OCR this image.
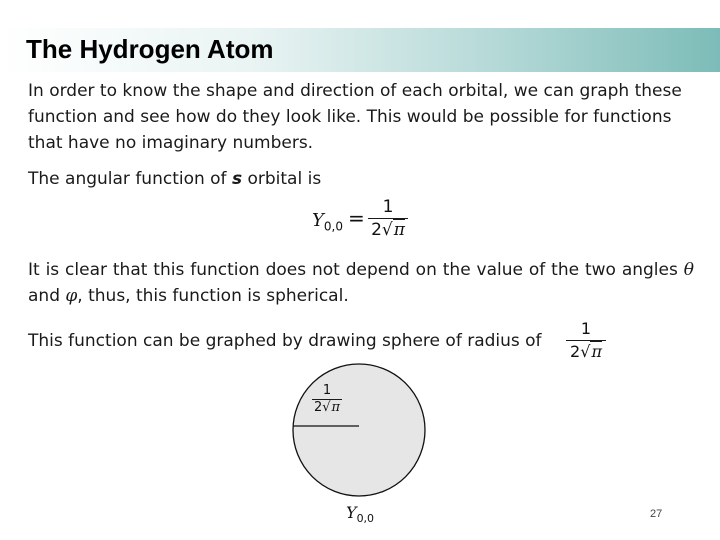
The Hydrogen Atom
In order to know the shape and direction of each orbital, we can graph these function and see how do they look like. This would be possible for functions that have no imaginary numbers.
The angular function of s orbital is
$Y_{0,0}$ =	1
2√π
It is clear that this function does not depend on the value of the two angles θ and φ, thus, this function is spherical.
This function can be graphed by drawing sphere of radius of
1
2√π
1
2√π
$Y_{0,0}$	27
